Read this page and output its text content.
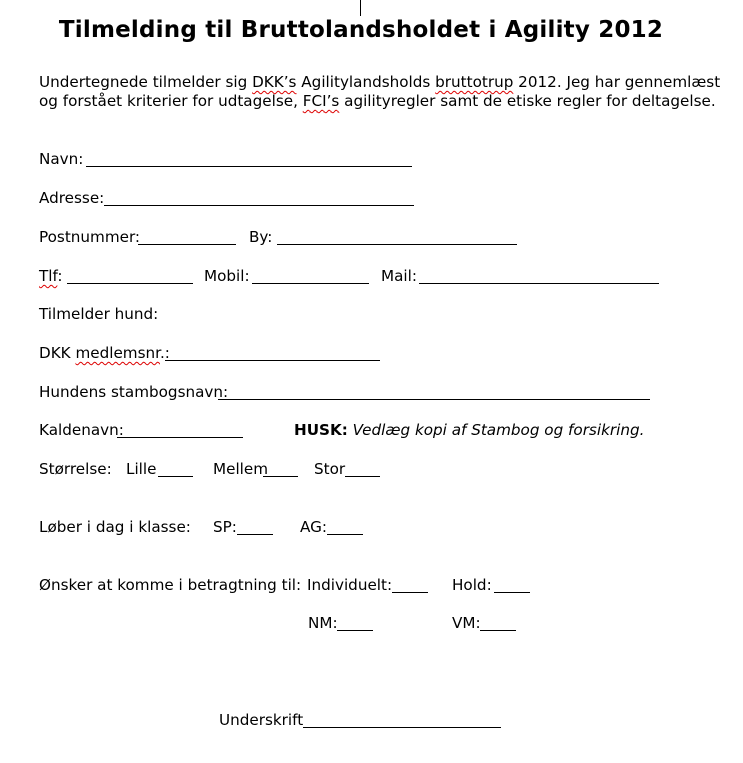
Tilmelding til Bruttolandsholdet i Agility 2012
Undertegnede tilmelder sig DKK’s Agilitylandsholds bruttotrup 2012. Jeg har gennemlæst
og forstået kriterier for udtagelse, FCI’s agilityregler samt de etiske regler for deltagelse.
Navn:
Adresse:
Postnummer:	By:
Tlf:	Mobil:	Mail:
Tilmelder hund:
DKK medlemsnr.:
Hundens stambogsnavn:
Kaldenavn:	HUSK: Vedlæg kopi af Stambog og forsikring.
Størrelse: Lille	Mellem	Stor
Løber i dag i klasse: SP:	AG:
Ønsker at komme i betragtning til: Individuelt:	Hold:
NM:	VM:
Underskrift
